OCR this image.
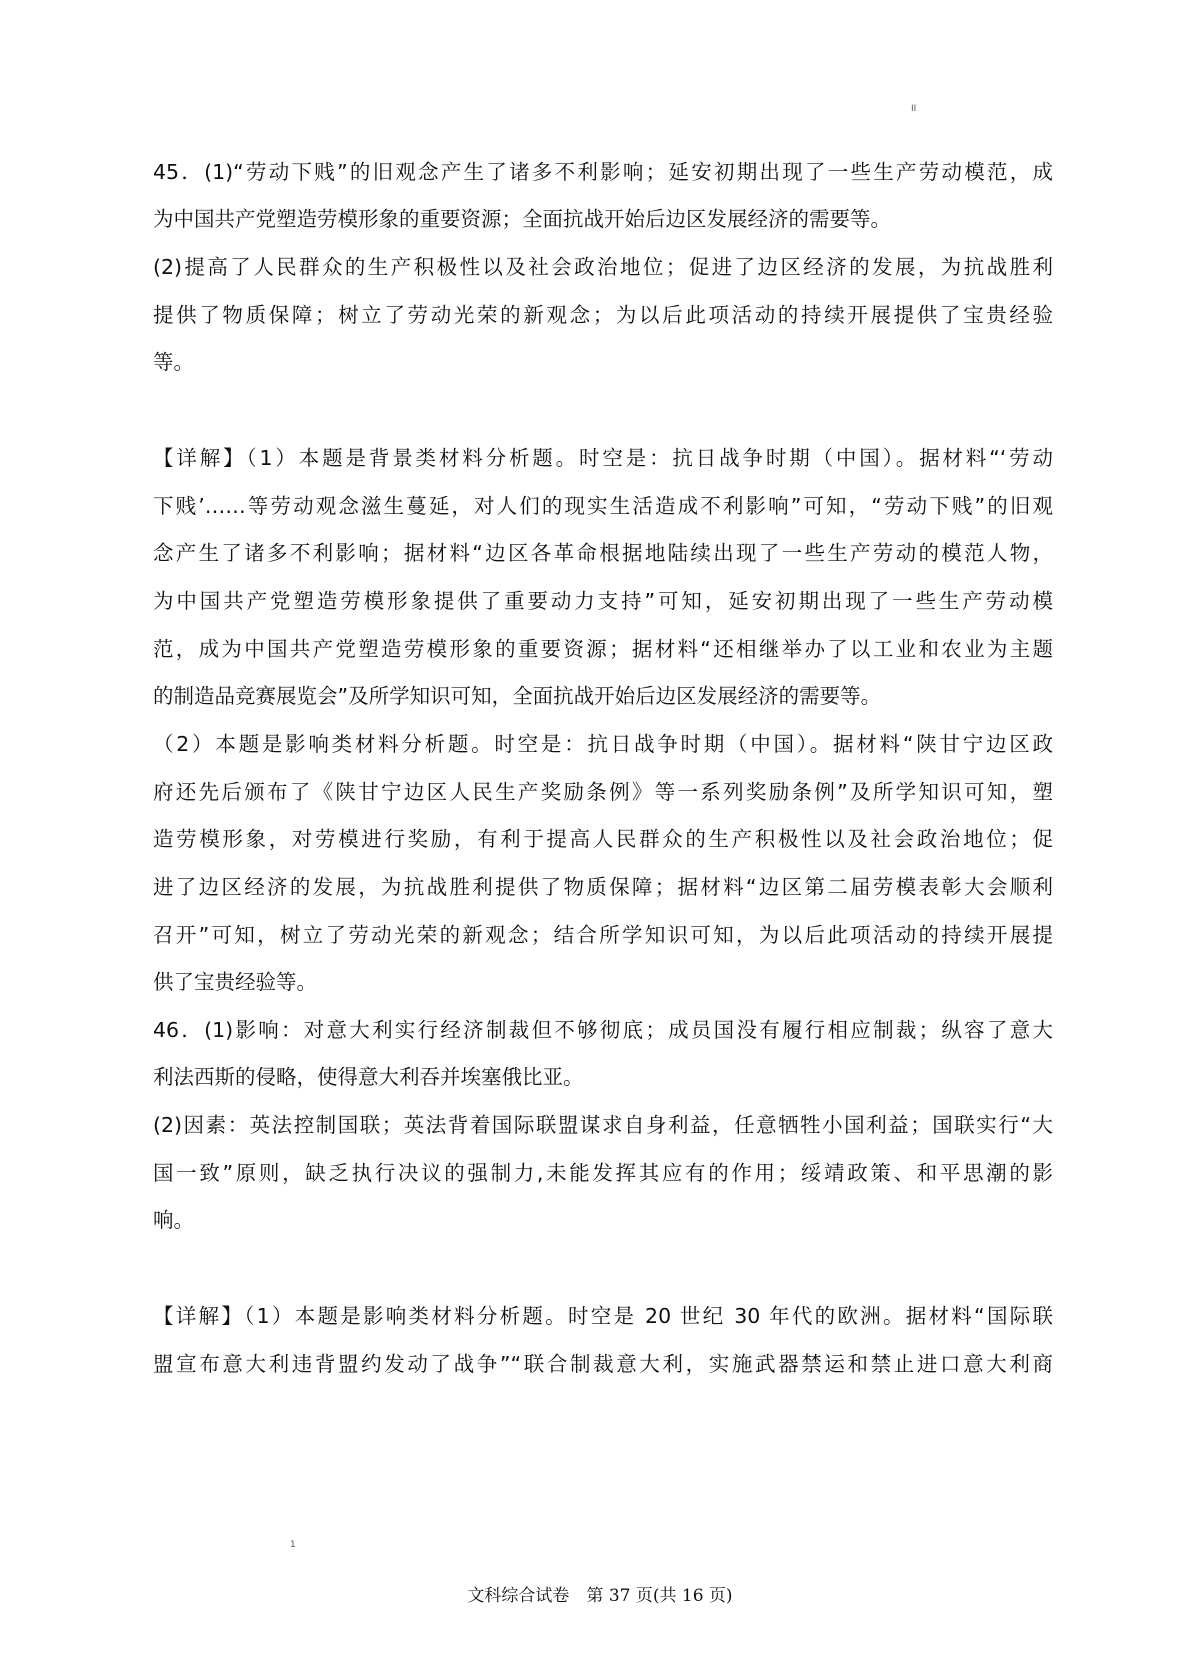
II
45．(1)“劳动下贱”的旧观念产生了诸多不利影响；延安初期出现了一些生产劳动模范，成
为中国共产党塑造劳模形象的重要资源；全面抗战开始后边区发展经济的需要等。
(2)提高了人民群众的生产积极性以及社会政治地位；促进了边区经济的发展，为抗战胜利
提供了物质保障；树立了劳动光荣的新观念；为以后此项活动的持续开展提供了宝贵经验
等。
【详解】（1）本题是背景类材料分析题。时空是：抗日战争时期（中国）。据材料“‘劳动
下贱’……等劳动观念滋生蔓延，对人们的现实生活造成不利影响”可知，“劳动下贱”的旧观
念产生了诸多不利影响；据材料“边区各革命根据地陆续出现了一些生产劳动的模范人物，
为中国共产党塑造劳模形象提供了重要动力支持”可知，延安初期出现了一些生产劳动模
范，成为中国共产党塑造劳模形象的重要资源；据材料“还相继举办了以工业和农业为主题
的制造品竞赛展览会”及所学知识可知，全面抗战开始后边区发展经济的需要等。
（2）本题是影响类材料分析题。时空是：抗日战争时期（中国）。据材料“陕甘宁边区政
府还先后颁布了《陕甘宁边区人民生产奖励条例》等一系列奖励条例”及所学知识可知，塑
造劳模形象，对劳模进行奖励，有利于提高人民群众的生产积极性以及社会政治地位；促
进了边区经济的发展，为抗战胜利提供了物质保障；据材料“边区第二届劳模表彰大会顺利
召开”可知，树立了劳动光荣的新观念；结合所学知识可知，为以后此项活动的持续开展提
供了宝贵经验等。
46．(1)影响：对意大利实行经济制裁但不够彻底；成员国没有履行相应制裁；纵容了意大
利法西斯的侵略，使得意大利吞并埃塞俄比亚。
(2)因素：英法控制国联；英法背着国际联盟谋求自身利益，任意牺牲小国利益；国联实行“大
国一致”原则，缺乏执行决议的强制力,未能发挥其应有的作用；绥靖政策、和平思潮的影
响。
【详解】（1）本题是影响类材料分析题。时空是 20 世纪 30 年代的欧洲。据材料“国际联
盟宣布意大利违背盟约发动了战争”“联合制裁意大利，实施武器禁运和禁止进口意大利商
1
文科综合试卷　第 37 页(共 16 页)
